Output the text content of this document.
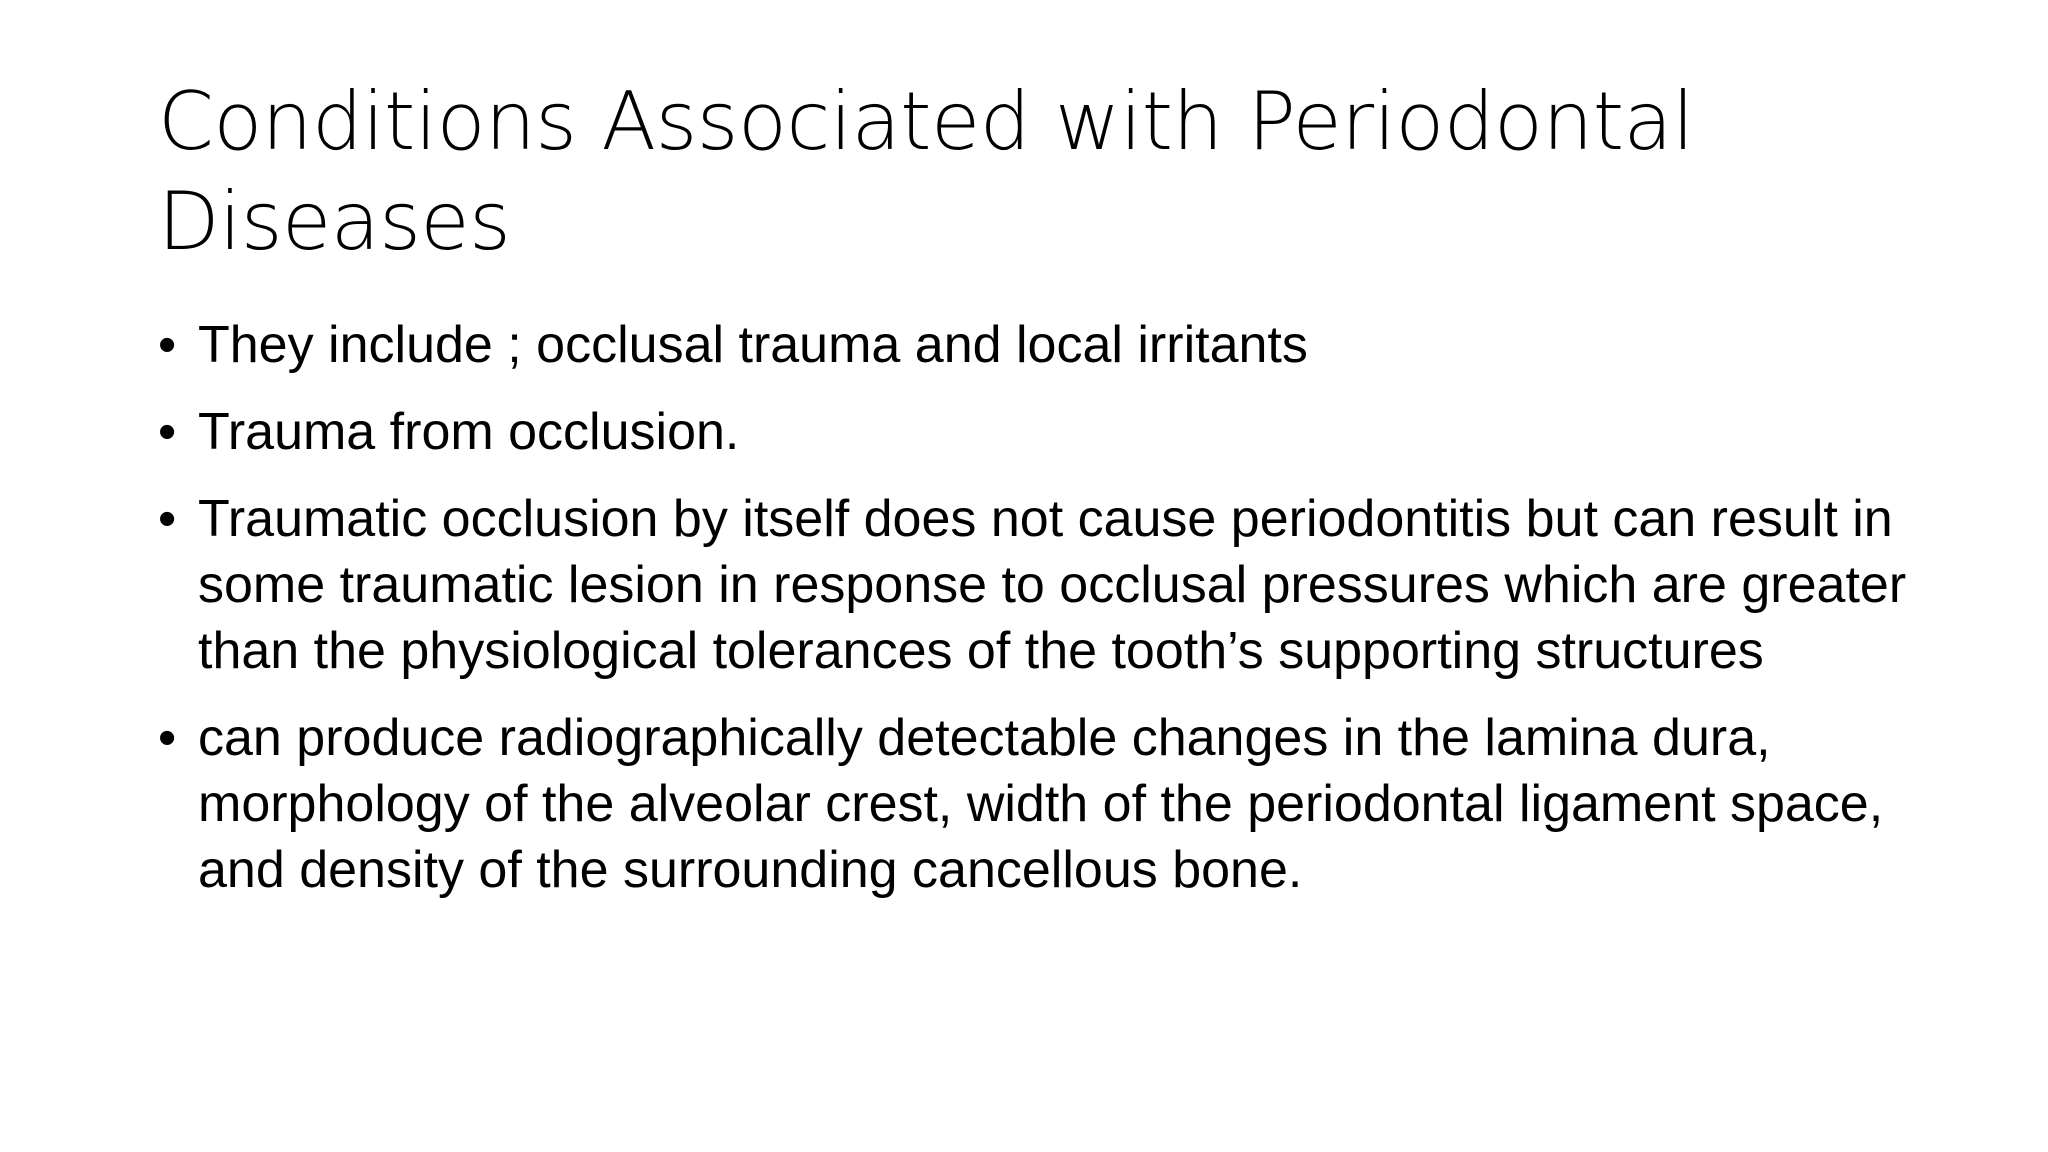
Conditions Associated with Periodontal Diseases
• They include ; occlusal trauma and local irritants
• Trauma from occlusion.
• Traumatic occlusion by itself does not cause periodontitis but can result in some traumatic lesion in response to occlusal pressures which are greater than the physiological tolerances of the tooth’s supporting structures
• can produce radiographically detectable changes in the lamina dura, morphology of the alveolar crest, width of the periodontal ligament space, and density of the surrounding cancellous bone.
